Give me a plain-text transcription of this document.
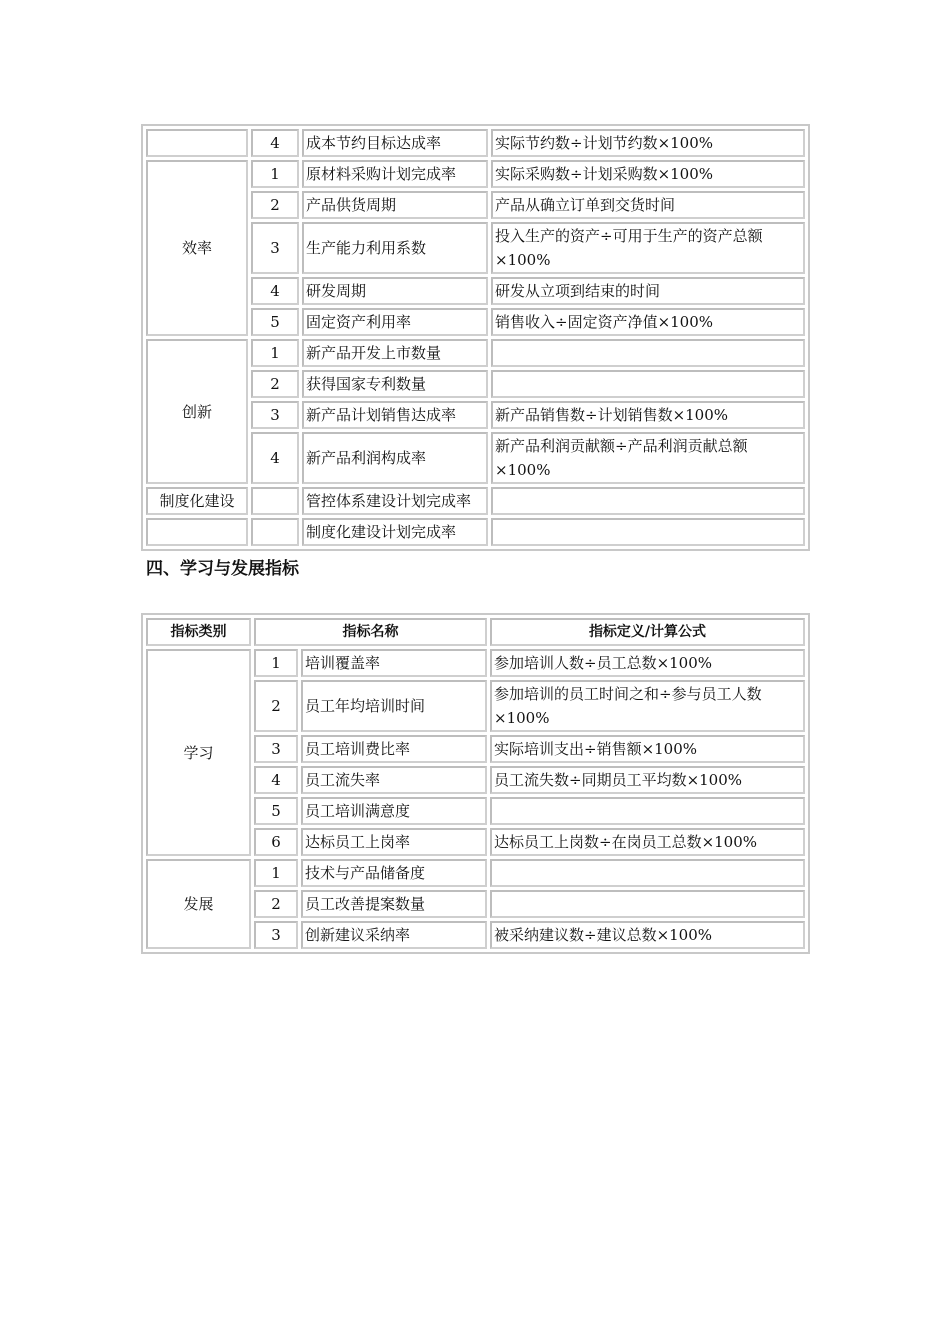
	4	成本节约目标达成率	实际节约数÷计划节约数×100%
效率	1	原材料采购计划完成率	实际采购数÷计划采购数×100%
	2	产品供货周期	产品从确立订单到交货时间
	3	生产能力利用系数	投入生产的资产÷可用于生产的资产总额×100%
	4	研发周期	研发从立项到结束的时间
	5	固定资产利用率	销售收入÷固定资产净值×100%
创新	1	新产品开发上市数量	
	2	获得国家专利数量	
	3	新产品计划销售达成率	新产品销售数÷计划销售数×100%
	4	新产品利润构成率	新产品利润贡献额÷产品利润贡献总额×100%
制度化建设		管控体系建设计划完成率	
		制度化建设计划完成率	
四、学习与发展指标
指标类别	指标名称		指标定义/计算公式
学习	1	培训覆盖率	参加培训人数÷员工总数×100%
	2	员工年均培训时间	参加培训的员工时间之和÷参与员工人数×100%
	3	员工培训费比率	实际培训支出÷销售额×100%
	4	员工流失率	员工流失数÷同期员工平均数×100%
	5	员工培训满意度	
	6	达标员工上岗率	达标员工上岗数÷在岗员工总数×100%
发展	1	技术与产品储备度	
	2	员工改善提案数量	
	3	创新建议采纳率	被采纳建议数÷建议总数×100%
